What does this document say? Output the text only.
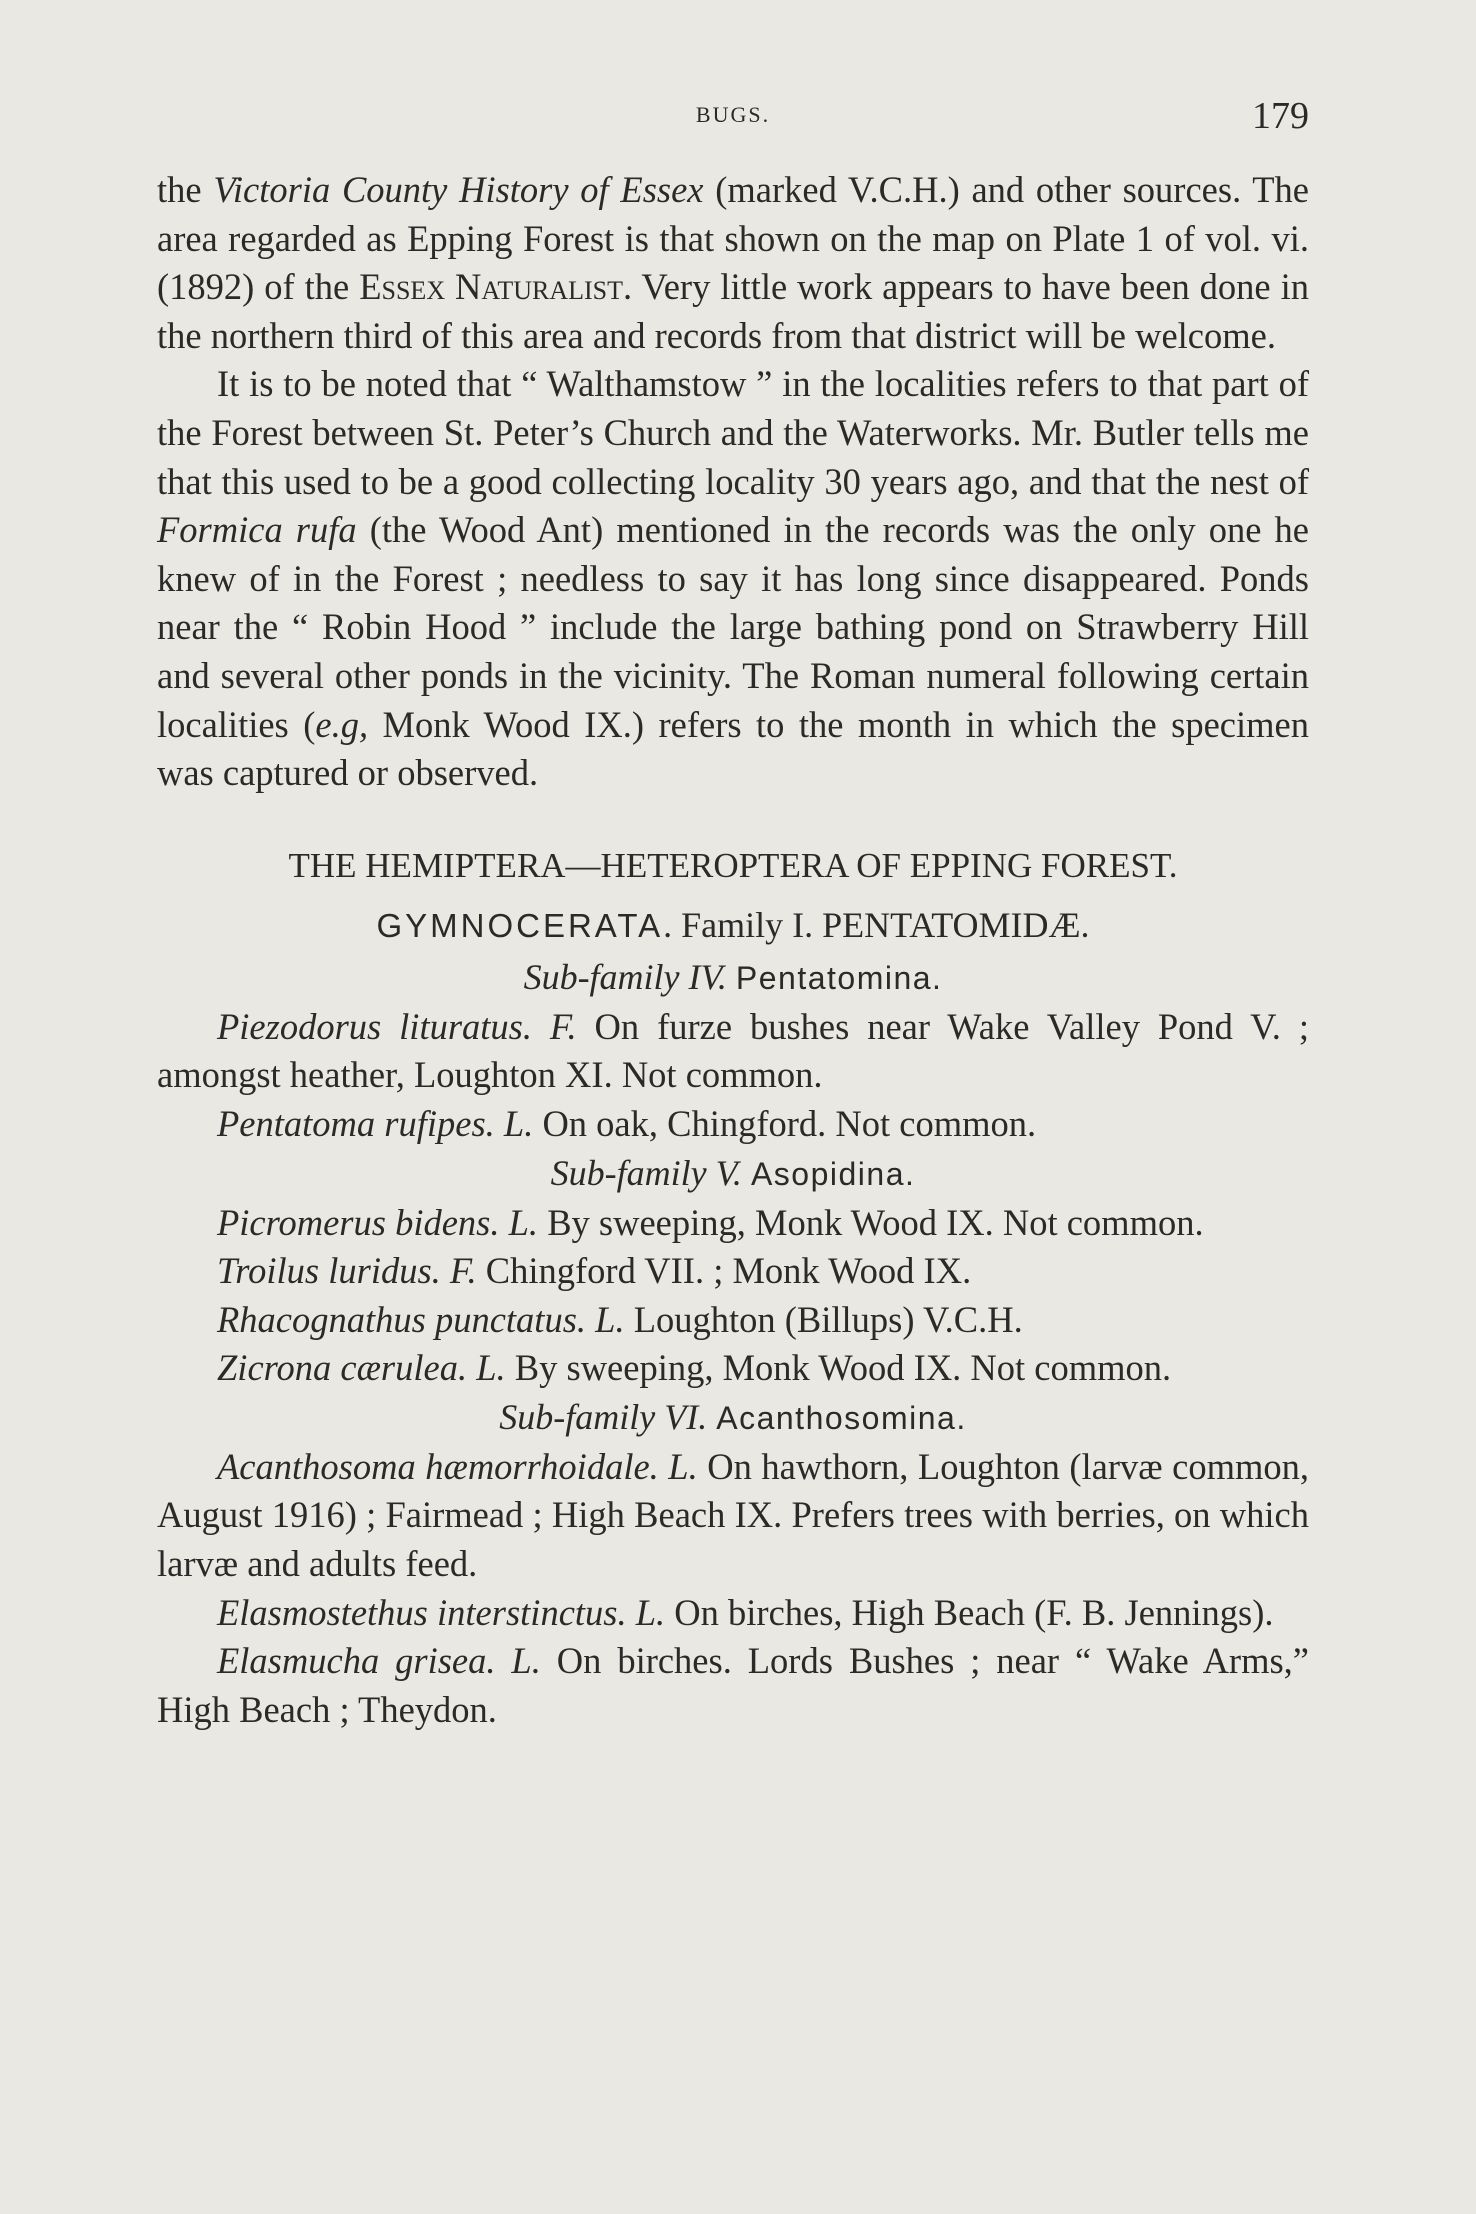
BUGS.	179

the Victoria County History of Essex (marked V.C.H.) and other sources. The area regarded as Epping Forest is that shown on the map on Plate 1 of vol. vi. (1892) of the Essex Naturalist. Very little work appears to have been done in the northern third of this area and records from that district will be welcome.

It is to be noted that “ Walthamstow ” in the localities refers to that part of the Forest between St. Peter’s Church and the Waterworks. Mr. Butler tells me that this used to be a good collecting locality 30 years ago, and that the nest of Formica rufa (the Wood Ant) mentioned in the records was the only one he knew of in the Forest ; needless to say it has long since disappeared. Ponds near the “ Robin Hood ” include the large bathing pond on Strawberry Hill and several other ponds in the vicinity. The Roman numeral following certain localities (e.g, Monk Wood IX.) refers to the month in which the specimen was captured or observed.

THE HEMIPTERA—HETEROPTERA OF EPPING FOREST.
GYMNOCERATA. Family I. PENTATOMIDÆ.
Sub-family IV. Pentatomina.

Piezodorus lituratus. F. On furze bushes near Wake Valley Pond V. ; amongst heather, Loughton XI. Not common.

Pentatoma rufipes. L. On oak, Chingford. Not common.

Sub-family V. Asopidina.

Picromerus bidens. L. By sweeping, Monk Wood IX. Not common.

Troilus luridus. F. Chingford VII. ; Monk Wood IX.

Rhacognathus punctatus. L. Loughton (Billups) V.C.H.

Zicrona cærulea. L. By sweeping, Monk Wood IX. Not common.

Sub-family VI. Acanthosomina.

Acanthosoma hæmorrhoidale. L. On hawthorn, Loughton (larvæ common, August 1916) ; Fairmead ; High Beach IX. Prefers trees with berries, on which larvæ and adults feed.

Elasmostethus interstinctus. L. On birches, High Beach (F. B. Jennings).

Elasmucha grisea. L. On birches. Lords Bushes ; near “ Wake Arms,” High Beach ; Theydon.
